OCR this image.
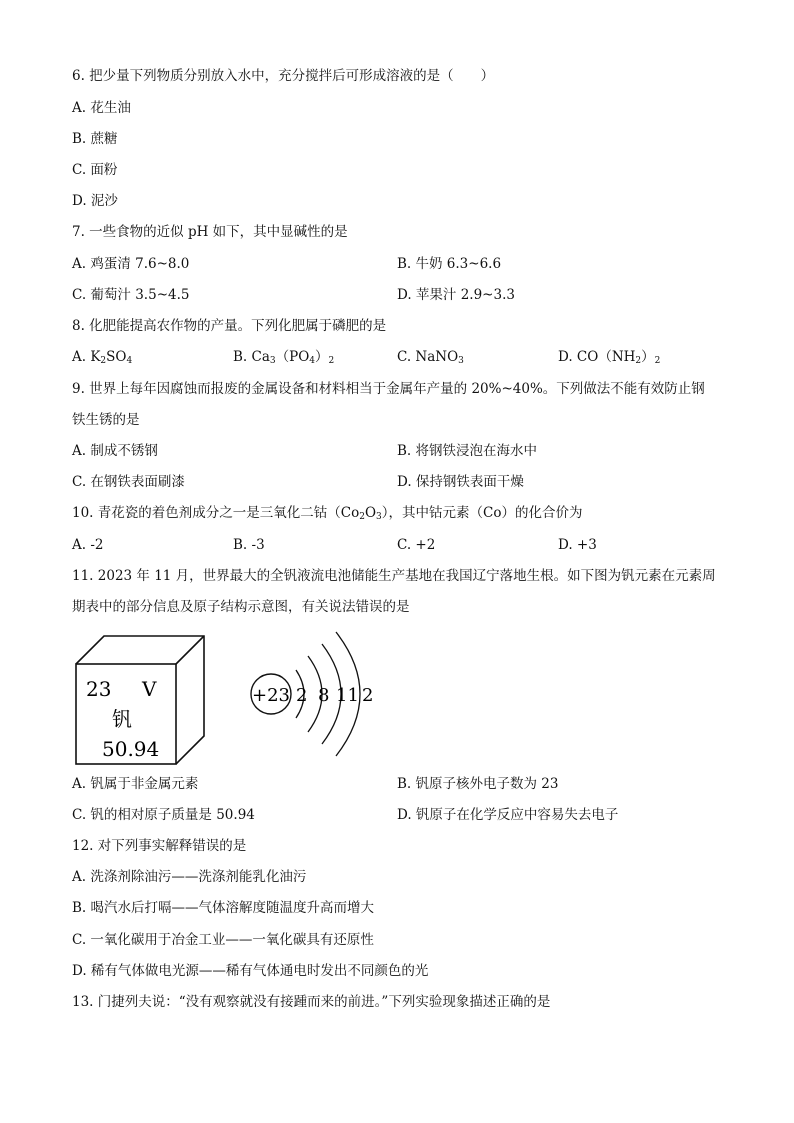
6. 把少量下列物质分别放入水中，充分搅拌后可形成溶液的是（　　）
A. 花生油
B. 蔗糖
C. 面粉
D. 泥沙
7. 一些食物的近似 pH 如下，其中显碱性的是
A. 鸡蛋清 7.6~8.0	B. 牛奶 6.3~6.6
C. 葡萄汁 3.5~4.5	D. 苹果汁 2.9~3.3
8. 化肥能提高农作物的产量。下列化肥属于磷肥的是
A. $K_2SO_4$	B. $Ca_3(PO_4)_2$	C. NaNO$_3$	D. $CO(NH_2)_2$
9. 世界上每年因腐蚀而报废的金属设备和材料相当于金属年产量的 20%~40%。下列做法不能有效防止钢
铁生锈的是
A. 制成不锈钢	B. 将钢铁浸泡在海水中
C. 在钢铁表面刷漆	D. 保持钢铁表面干燥
10. 青花瓷的着色剂成分之一是三氧化二钴$(Co_2O_3)$，其中钴元素（Co）的化合价为
A. -2	B. -3	C. +2	D. +3
11. 2023 年 11 月，世界最大的全钒液流电池储能生产基地在我国辽宁落地生根。如下图为钒元素在元素周
期表中的部分信息及原子结构示意图，有关说法错误的是
23 V
钒
50.94
+23 2 8 11 2
A. 钒属于非金属元素	B. 钒原子核外电子数为 23
C. 钒的相对原子质量是 50.94	D. 钒原子在化学反应中容易失去电子
12. 对下列事实解释错误的是
A. 洗涤剂除油污——洗涤剂能乳化油污
B. 喝汽水后打嗝——气体溶解度随温度升高而增大
C. 一氧化碳用于冶金工业——一氧化碳具有还原性
D. 稀有气体做电光源——稀有气体通电时发出不同颜色的光
13. 门捷列夫说：“没有观察就没有接踵而来的前进。”下列实验现象描述正确的是
